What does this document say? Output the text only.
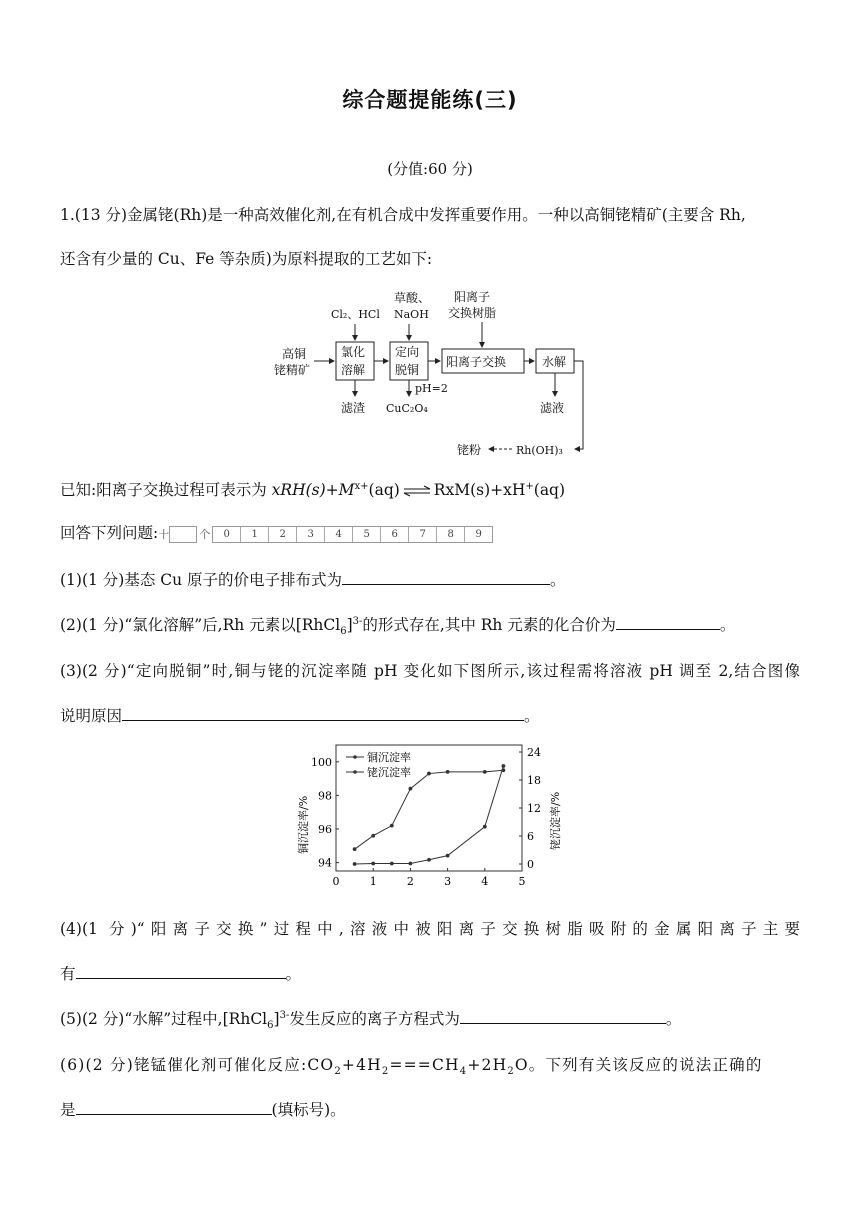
综合题提能练(三)
(分值:60 分)
1.(13 分)金属铑(Rh)是一种高效催化剂,在有机合成中发挥重要作用。一种以高铜铑精矿(主要含 Rh,
还含有少量的 Cu、Fe 等杂质)为原料提取的工艺如下:
高铜
铑精矿
Cl₂、HCl
草酸、
NaOH
阳离子
交换树脂
氯化
溶解
定向
脱铜
阳离子交换	水解
滤渣
pH=2
CuC₂O₄	滤液
铑粉	Rh(OH)₃
已知:阳离子交换过程可表示为 $xRH(s)+M^{x+}(aq)$ ⇌ RxM(s)+xH+(aq)
回答下列问题:十	个	0	1	2	3	4	5	6	7	8	9
(1)(1 分)基态 Cu 原子的价电子排布式为	。
(2)(1 分)“氯化溶解”后,Rh 元素以[RhCl$_6$]$^{3-}$的形式存在,其中 Rh 元素的化合价为	。
(3)(2 分)“定向脱铜”时,铜与铑的沉淀率随 pH 变化如下图所示,该过程需将溶液 pH 调至 2,结合图像
说明原因	。
0	1	2	3	4	5
94
96
98
100
0
6
12
18
24
铜沉淀率
铑沉淀率
铜沉淀率/%	铑沉淀率/%
(4)(1 分)“阳离子交换”过程中,溶液中被阳离子交换树脂吸附的金属阳离子主要
有	。
(5)(2 分)“水解”过程中,[RhCl$_6$]$^{3-}$发生反应的离子方程式为	。
(6)(2 分)铑锰催化剂可催化反应$:CO_2+4H_2===CH_4+2H_2O$。下列有关该反应的说法正确的
是	(填标号)。
